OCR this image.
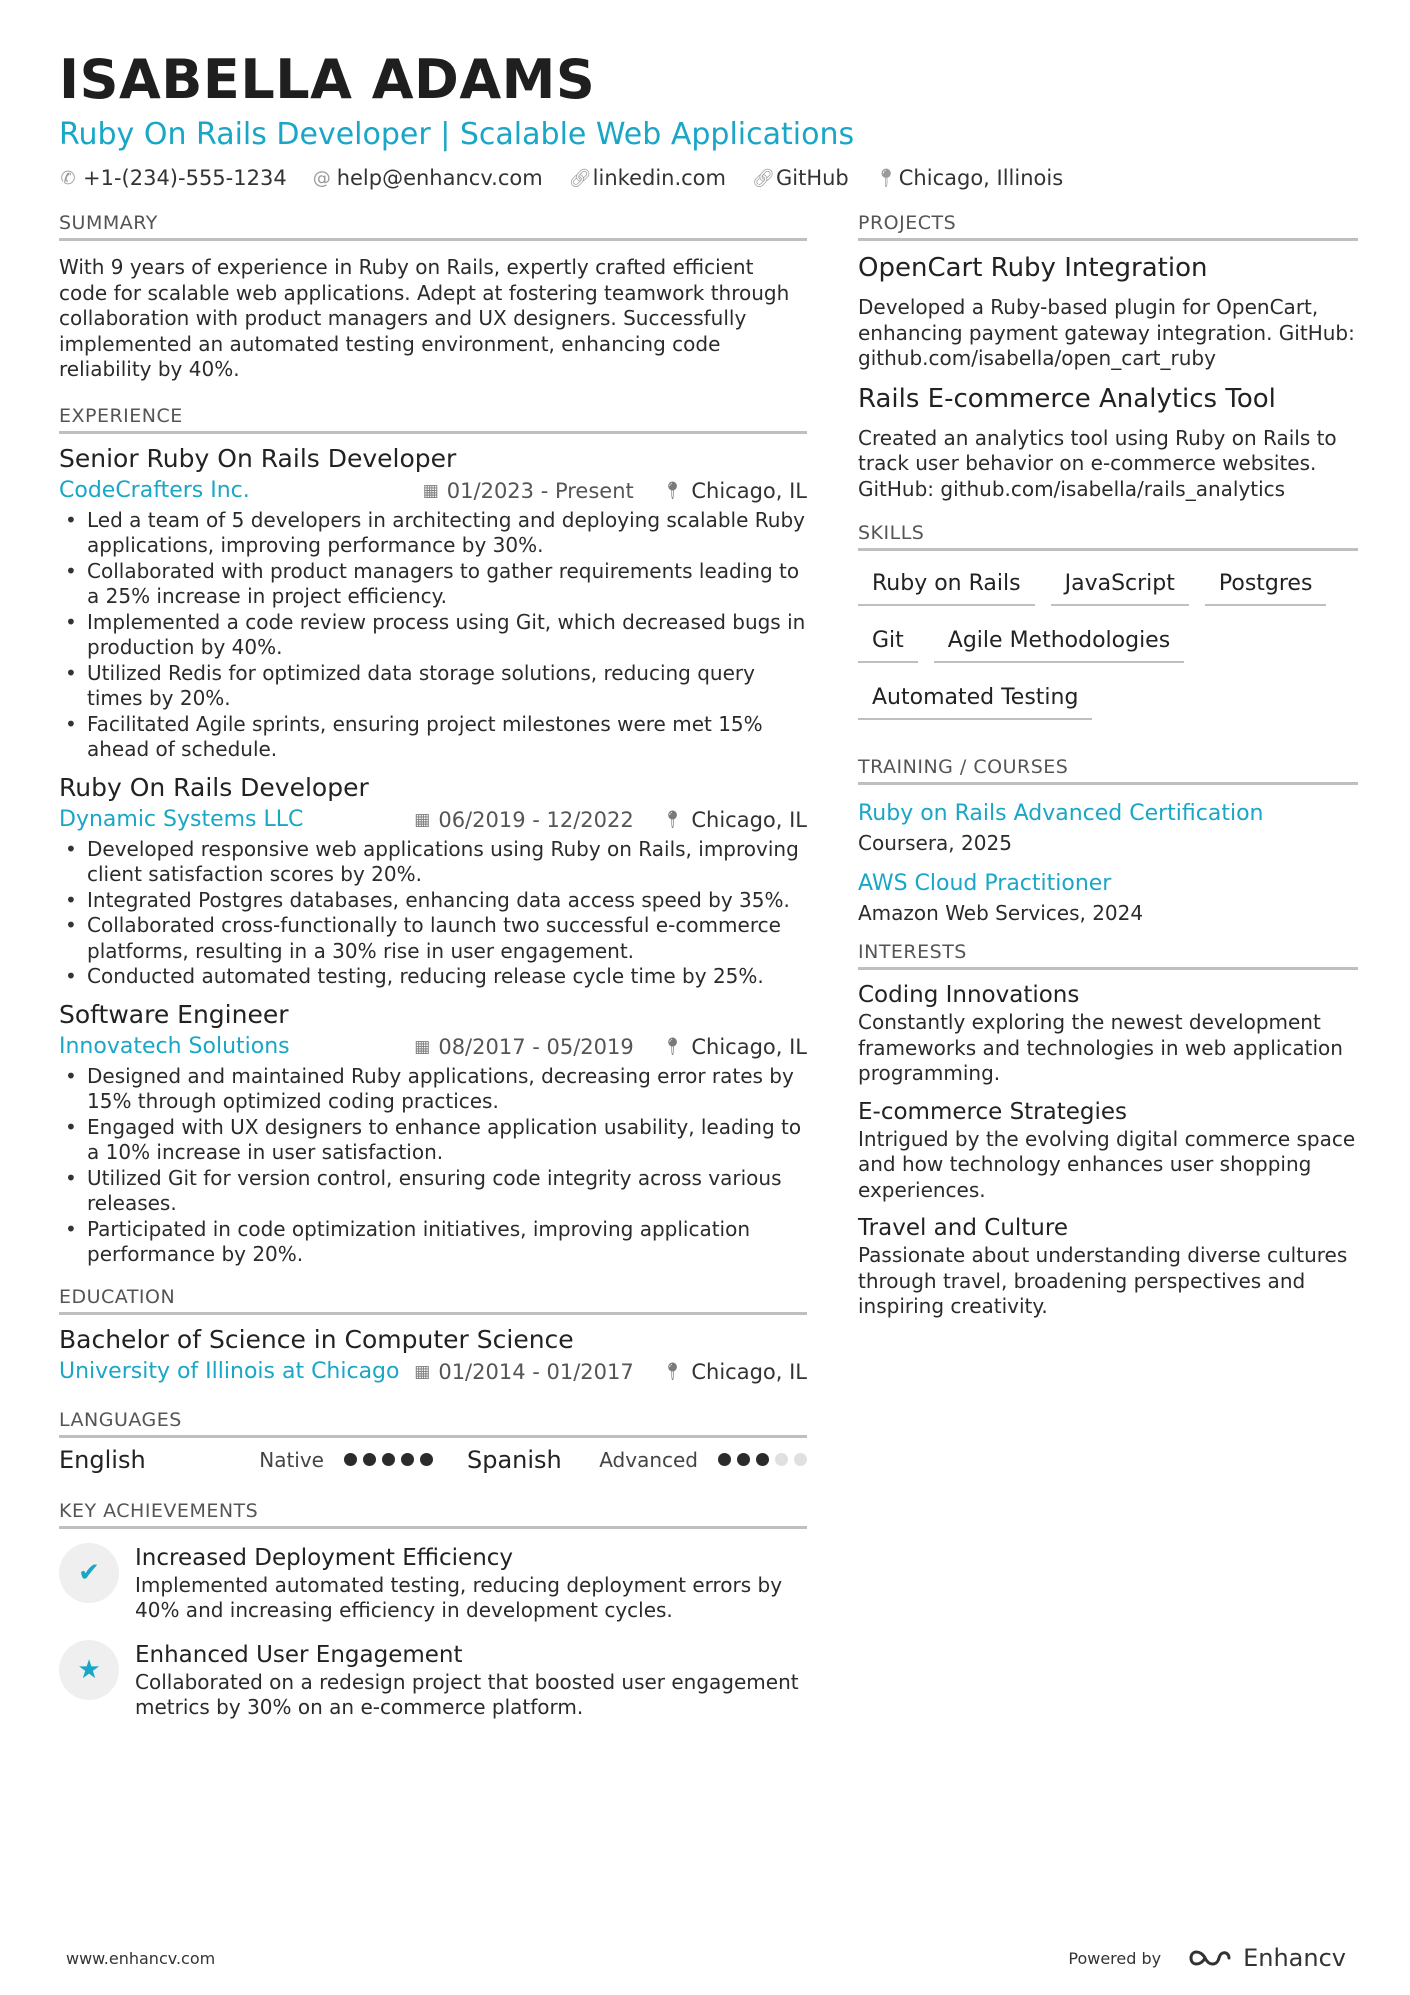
ISABELLA ADAMS
Ruby On Rails Developer | Scalable Web Applications
✆ +1-(234)-555-1234 @ help@enhancv.com 🔗︎ linkedin.com 🔗︎ GitHub 📍︎ Chicago, Illinois
SUMMARY
With 9 years of experience in Ruby on Rails, expertly crafted efficient code for scalable web applications. Adept at fostering teamwork through collaboration with product managers and UX designers. Successfully implemented an automated testing environment, enhancing code reliability by 40%.
EXPERIENCE
Senior Ruby On Rails Developer
CodeCrafters Inc.	▦ 01/2023 - Present 📍︎ Chicago, IL
• Led a team of 5 developers in architecting and deploying scalable Ruby applications, improving performance by 30%.
• Collaborated with product managers to gather requirements leading to a 25% increase in project efficiency.
• Implemented a code review process using Git, which decreased bugs in production by 40%.
• Utilized Redis for optimized data storage solutions, reducing query times by 20%.
• Facilitated Agile sprints, ensuring project milestones were met 15% ahead of schedule.
Ruby On Rails Developer
Dynamic Systems LLC	▦ 06/2019 - 12/2022 📍︎ Chicago, IL
• Developed responsive web applications using Ruby on Rails, improving client satisfaction scores by 20%.
• Integrated Postgres databases, enhancing data access speed by 35%.
• Collaborated cross-functionally to launch two successful e-commerce platforms, resulting in a 30% rise in user engagement.
• Conducted automated testing, reducing release cycle time by 25%.
Software Engineer
Innovatech Solutions	▦ 08/2017 - 05/2019 📍︎ Chicago, IL
• Designed and maintained Ruby applications, decreasing error rates by 15% through optimized coding practices.
• Engaged with UX designers to enhance application usability, leading to a 10% increase in user satisfaction.
• Utilized Git for version control, ensuring code integrity across various releases.
• Participated in code optimization initiatives, improving application performance by 20%.
EDUCATION
Bachelor of Science in Computer Science
University of Illinois at Chicago ▦ 01/2014 - 01/2017 📍︎ Chicago, IL
LANGUAGES
English	Native	Spanish	Advanced
KEY ACHIEVEMENTS
✔	Increased Deployment Efficiency
Implemented automated testing, reducing deployment errors by 40% and increasing efficiency in development cycles.
★	Enhanced User Engagement
Collaborated on a redesign project that boosted user engagement metrics by 30% on an e-commerce platform.
PROJECTS
OpenCart Ruby Integration
Developed a Ruby-based plugin for OpenCart, enhancing payment gateway integration. GitHub: github.com/isabella/open_cart_ruby
Rails E-commerce Analytics Tool
Created an analytics tool using Ruby on Rails to track user behavior on e-commerce websites. GitHub: github.com/isabella/rails_analytics
SKILLS
Ruby on Rails	JavaScript	Postgres
Git	Agile Methodologies
Automated Testing
TRAINING / COURSES
Ruby on Rails Advanced Certification
Coursera, 2025
AWS Cloud Practitioner
Amazon Web Services, 2024
INTERESTS
Coding Innovations
Constantly exploring the newest development frameworks and technologies in web application programming.
E-commerce Strategies
Intrigued by the evolving digital commerce space and how technology enhances user shopping experiences.
Travel and Culture
Passionate about understanding diverse cultures through travel, broadening perspectives and inspiring creativity.
www.enhancv.com	Powered by	Enhancv
